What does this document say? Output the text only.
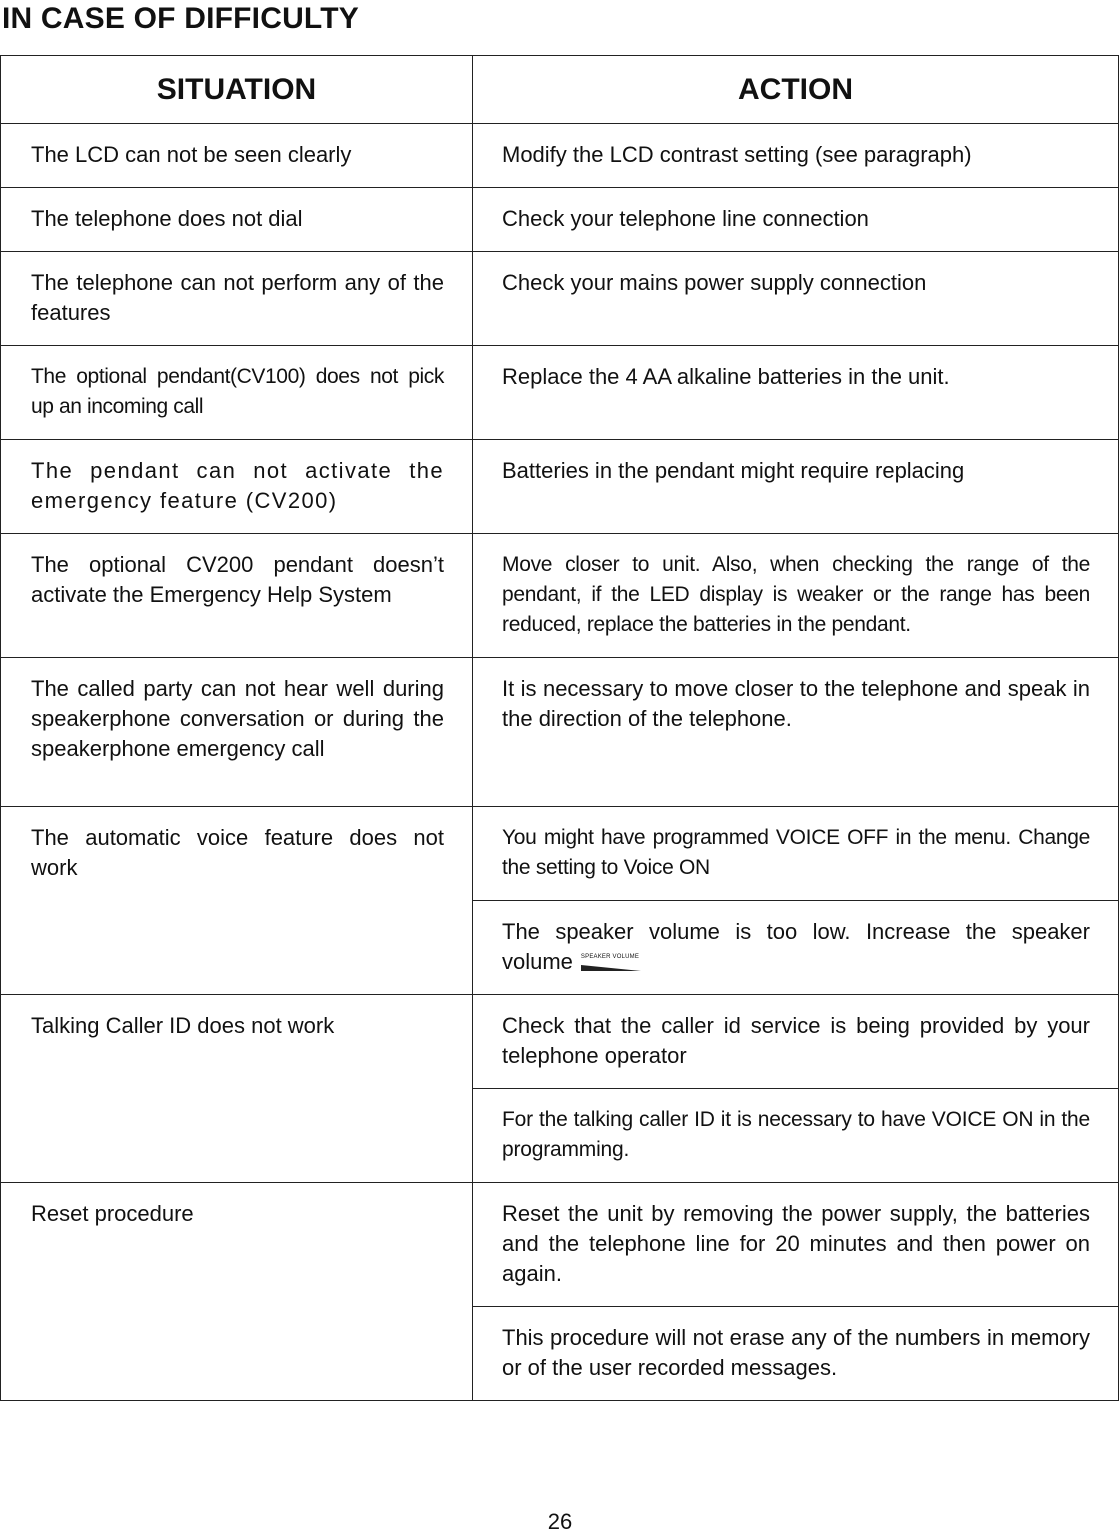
IN CASE OF DIFFICULTY
SITUATION	ACTION
The LCD can not be seen clearly	Modify the LCD contrast setting (see paragraph)
The telephone does not dial	Check your telephone line connection
The telephone can not perform any of the features	Check your mains power supply connection
The optional pendant(CV100) does not pick up an incoming call	Replace the 4 AA alkaline batteries in the unit.
The pendant can not activate the emergency feature (CV200)	Batteries in the pendant might require replacing
The optional CV200 pendant doesn’t activate the Emergency Help System	Move closer to unit. Also, when checking the range of the pendant, if the LED display is weaker or the range has been reduced, replace the batteries in the pendant.
The called party can not hear well during speakerphone conversation or during the speakerphone emergency call	It is necessary to move closer to the telephone and speak in the direction of the telephone.
The automatic voice feature does not work	You might have programmed VOICE OFF in the menu. Change the setting to Voice ON
	The speaker volume is too low. Increase the speaker volume SPEAKER VOLUME

Talking Caller ID does not work	Check that the caller id service is being provided by your telephone operator
	For the talking caller ID it is necessary to have VOICE ON in the programming.
Reset procedure	Reset the unit by removing the power supply, the batteries and the telephone line for 20 minutes and then power on again.
	This procedure will not erase any of the numbers in memory or of the user recorded messages.
26
